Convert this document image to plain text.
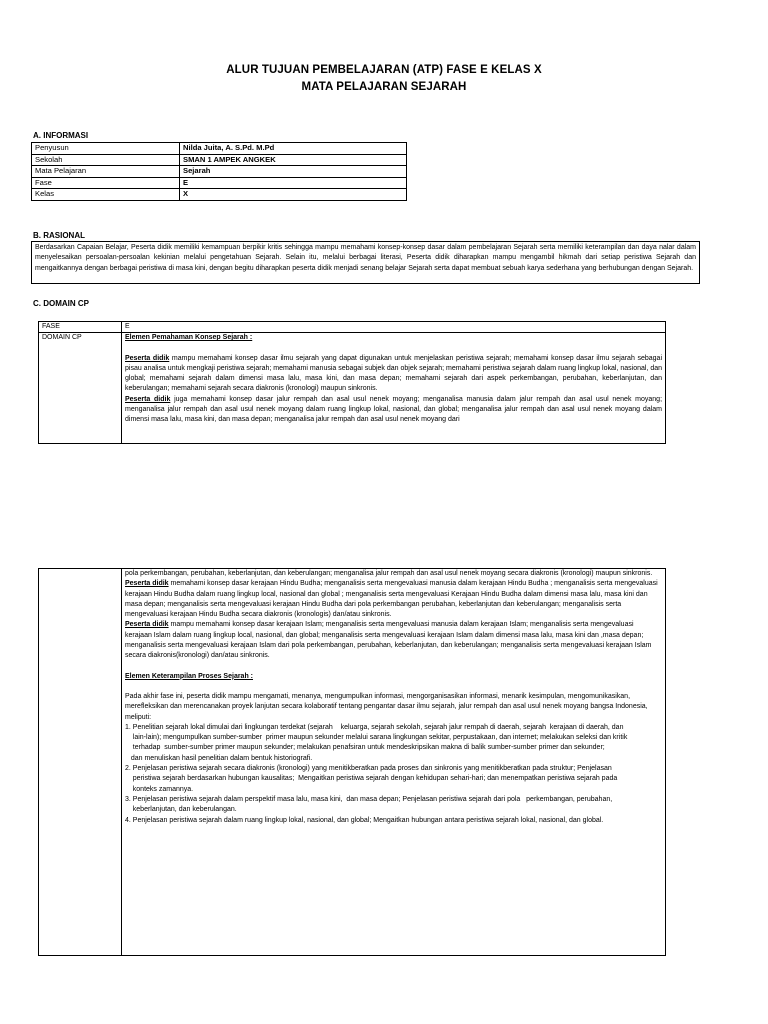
ALUR TUJUAN PEMBELAJARAN (ATP) FASE E KELAS X
MATA PELAJARAN SEJARAH
A. INFORMASI
Penyusun	Nilda Juita, A. S.Pd. M.Pd
Sekolah	SMAN 1 AMPEK ANGKEK
Mata Pelajaran	Sejarah
Fase	E
Kelas	X
B. RASIONAL
Berdasarkan Capaian Belajar, Peserta didik memiliki kemampuan berpikir kritis sehingga mampu memahami konsep-konsep dasar dalam pembelajaran Sejarah serta memiliki keterampilan dan daya nalar dalam menyelesaikan persoalan-persoalan kekinian melalui pengetahuan Sejarah. Selain itu, melalui berbagai literasi, Peserta didik diharapkan mampu mengambil hikmah dari setiap peristiwa Sejarah dan mengaitkannya dengan berbagai peristiwa di masa kini, dengan begitu diharapkan peserta didik menjadi senang belajar Sejarah serta dapat membuat sebuah karya sederhana yang berhubungan dengan Sejarah.
C. DOMAIN CP
FASE	E
DOMAIN CP	Elemen Pemahaman Konsep Sejarah :

Peserta didik mampu memahami konsep dasar ilmu sejarah yang dapat digunakan untuk menjelaskan peristiwa sejarah; memahami konsep dasar ilmu sejarah sebagai pisau analisa untuk mengkaji peristiwa sejarah; memahami manusia sebagai subjek dan objek sejarah; memahami peristiwa sejarah dalam ruang lingkup lokal, nasional, dan global; memahami sejarah dalam dimensi masa lalu, masa kini, dan masa depan; memahami sejarah dari aspek perkembangan, perubahan, keberlanjutan, dan keberulangan; memahami sejarah secara diakronis (kronologi) maupun sinkronis.

Peserta didik juga memahami konsep dasar jalur rempah dan asal usul nenek moyang; menganalisa manusia dalam jalur rempah dan asal usul nenek moyang; menganalisa jalur rempah dan asal usul nenek moyang dalam ruang lingkup lokal, nasional, dan global; menganalisa jalur rempah dan asal usul nenek moyang dalam dimensi masa lalu, masa kini, dan masa depan; menganalisa jalur rempah dan asal usul nenek moyang dari

pola perkembangan, perubahan, keberlanjutan, dan keberulangan; menganalisa jalur rempah dan asal usul nenek moyang secara diakronis (kronologi) maupun sinkronis.

Peserta didik memahami konsep dasar kerajaan Hindu Budha; menganalisis serta mengevaluasi manusia dalam kerajaan Hindu Budha ; menganalisis serta mengevaluasi kerajaan Hindu Budha dalam ruang lingkup local, nasional dan global ; menganalisis serta mengevaluasi Kerajaan Hindu Budha dalam dimensi masa lalu, masa kini dan masa depan; menganalisis serta mengevaluasi kerajaan Hindu Budha dari pola perkembangan perubahan, keberlanjutan dan keberulangan; menganalisis serta mengevaluasi kerajaan Hindu Budha secara diakronis (kronologis) dan/atau sinkronis.

Peserta didik mampu memahami konsep dasar kerajaan Islam; menganalisis serta mengevaluasi manusia dalam kerajaan Islam; menganalisis serta mengevaluasi kerajaan Islam dalam ruang lingkup local, nasional, dan global; menganalisis serta mengevaluasi kerajaan Islam dalam dimensi masa lalu, masa kini dan ,masa depan; menganalisis serta mengevaluasi kerajaan Islam dari pola perkembangan, perubahan, keberlanjutan, dan keberulangan; menganalisis serta mengevaluasi kerajaan Islam secara diakronis(kronologi) dan/atau sinkronis.

Elemen Keterampilan Proses Sejarah :

Pada akhir fase ini, peserta didik mampu mengamati, menanya, mengumpulkan informasi, mengorganisasikan informasi, menarik kesimpulan, mengomunikasikan, merefleksikan dan merencanakan proyek lanjutan secara kolaboratif tentang pengantar dasar ilmu sejarah, jalur rempah dan asal usul nenek moyang bangsa Indonesia, meliputi:

1. Penelitian sejarah lokal dimulai dari lingkungan terdekat (sejarah    keluarga, sejarah sekolah, sejarah jalur rempah di daerah, sejarah  kerajaan di daerah, dan

lain-lain); mengumpulkan sumber-sumber  primer maupun sekunder melalui sarana lingkungan sekitar, perpustakaan, dan internet; melakukan seleksi dan kritik

terhadap  sumber-sumber primer maupun sekunder; melakukan penafsiran untuk mendeskripsikan makna di balik sumber-sumber primer dan sekunder;

dan menuliskan hasil penelitian dalam bentuk historiografi.

2. Penjelasan peristiwa sejarah secara diakronis (kronologi) yang menitikberatkan pada proses dan sinkronis yang menitikberatkan pada struktur; Penjelasan

peristiwa sejarah berdasarkan hubungan kausalitas;  Mengaitkan peristiwa sejarah dengan kehidupan sehari-hari; dan menempatkan peristiwa sejarah pada

konteks zamannya.

3. Penjelasan peristiwa sejarah dalam perspektif masa lalu, masa kini,  dan masa depan; Penjelasan peristiwa sejarah dari pola   perkembangan, perubahan,

keberlanjutan, dan keberulangan.

4. Penjelasan peristiwa sejarah dalam ruang lingkup lokal, nasional, dan global; Mengaitkan hubungan antara peristiwa sejarah lokal, nasional, dan global.
